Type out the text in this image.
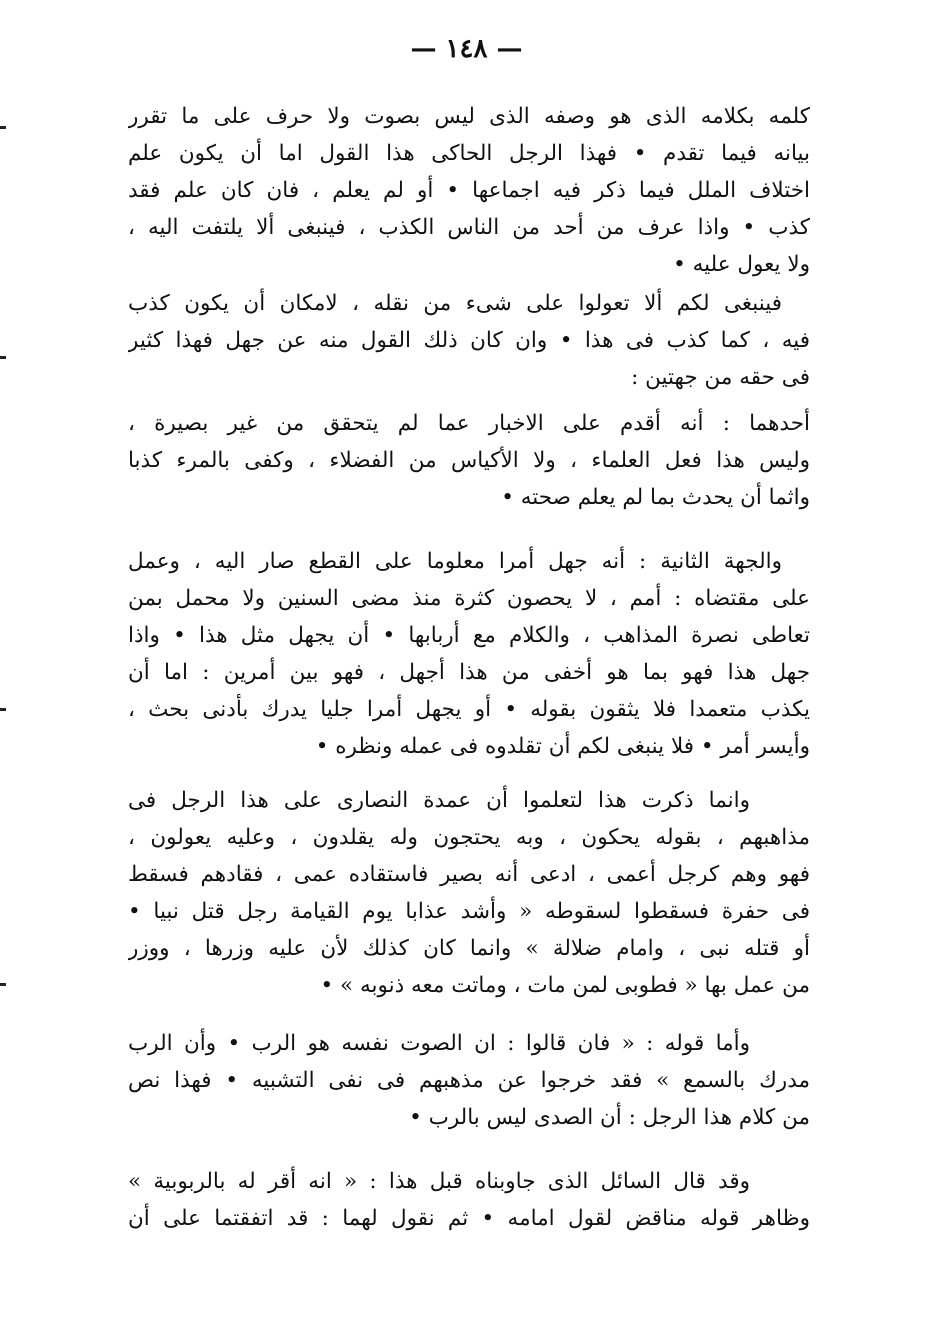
— ١٤٨ —
كلمه بكلامه الذى هو وصفه الذى ليس بصوت ولا حرف على ما تقرر
بيانه فيما تقدم • فهذا الرجل الحاكى هذا القول اما أن يكون علم
اختلاف الملل فيما ذكر فيه اجماعها • أو لم يعلم ، فان كان علم فقد
كذب • واذا عرف من أحد من الناس الكذب ، فينبغى ألا يلتفت اليه ،
ولا يعول عليه •
فينبغى لكم ألا تعولوا على شىء من نقله ، لامكان أن يكون كذب
فيه ، كما كذب فى هذا • وان كان ذلك القول منه عن جهل فهذا كثير
فى حقه من جهتين :
أحدهما : أنه أقدم على الاخبار عما لم يتحقق من غير بصيرة ،
وليس هذا فعل العلماء ، ولا الأكياس من الفضلاء ، وكفى بالمرء كذبا
واثما أن يحدث بما لم يعلم صحته •
والجهة الثانية : أنه جهل أمرا معلوما على القطع صار اليه ، وعمل
على مقتضاه : أمم ، لا يحصون كثرة منذ مضى السنين ولا محمل بمن
تعاطى نصرة المذاهب ، والكلام مع أربابها • أن يجهل مثل هذا • واذا
جهل هذا فهو بما هو أخفى من هذا أجهل ، فهو بين أمرين : اما أن
يكذب متعمدا فلا يثقون بقوله • أو يجهل أمرا جليا يدرك بأدنى بحث ،
وأيسر أمر • فلا ينبغى لكم أن تقلدوه فى عمله ونظره •
وانما ذكرت هذا لتعلموا أن عمدة النصارى على هذا الرجل فى
مذاهبهم ، بقوله يحكون ، وبه يحتجون وله يقلدون ، وعليه يعولون ،
فهو وهم كرجل أعمى ، ادعى أنه بصير فاستقاده عمى ، فقادهم فسقط
فى حفرة فسقطوا لسقوطه « وأشد عذابا يوم القيامة رجل قتل نبيا •
أو قتله نبى ، وامام ضلالة » وانما كان كذلك لأن عليه وزرها ، ووزر
من عمل بها « فطوبى لمن مات ، وماتت معه ذنوبه » •
وأما قوله : « فان قالوا : ان الصوت نفسه هو الرب • وأن الرب
مدرك بالسمع » فقد خرجوا عن مذهبهم فى نفى التشبيه • فهذا نص
من كلام هذا الرجل : أن الصدى ليس بالرب •
وقد قال السائل الذى جاوبناه قبل هذا : « انه أقر له بالربوبية »
وظاهر قوله مناقض لقول امامه • ثم نقول لهما : قد اتفقتما على أن
